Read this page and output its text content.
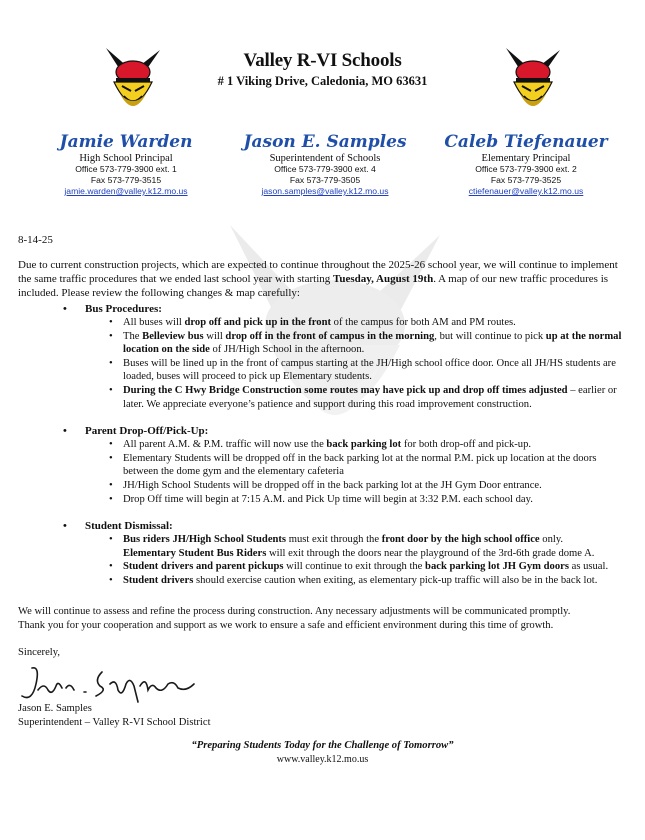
Valley R-VI Schools
# 1 Viking Drive, Caledonia, MO 63631
Jamie Warden
High School Principal
Office 573-779-3900 ext. 1
Fax 573-779-3515
jamie.warden@valley.k12.mo.us
Jason E. Samples
Superintendent of Schools
Office 573-779-3900 ext. 4
Fax 573-779-3505
jason.samples@valley.k12.mo.us
Caleb Tiefenauer
Elementary Principal
Office 573-779-3900 ext. 2
Fax 573-779-3525
ctiefenauer@valley.k12.mo.us
8-14-25
Due to current construction projects, which are expected to continue throughout the 2025-26 school year, we will continue to implement the same traffic procedures that we ended last school year with starting Tuesday, August 19th. A map of our new traffic procedures is included. Please review the following changes & map carefully:
• Bus Procedures:
• All buses will drop off and pick up in the front of the campus for both AM and PM routes.
• The Belleview bus will drop off in the front of campus in the morning, but will continue to pick up at the normal location on the side of JH/High School in the afternoon.
• Buses will be lined up in the front of campus starting at the JH/High school office door. Once all JH/HS students are loaded, buses will proceed to pick up Elementary students.
• During the C Hwy Bridge Construction some routes may have pick up and drop off times adjusted – earlier or later. We appreciate everyone’s patience and support during this road improvement construction.
• Parent Drop-Off/Pick-Up:
• All parent A.M. & P.M. traffic will now use the back parking lot for both drop-off and pick-up.
• Elementary Students will be dropped off in the back parking lot at the normal P.M. pick up location at the doors between the dome gym and the elementary cafeteria
• JH/High School Students will be dropped off in the back parking lot at the JH Gym Door entrance.
• Drop Off time will begin at 7:15 A.M. and Pick Up time will begin at 3:32 P.M. each school day.
• Student Dismissal:
• Bus riders JH/High School Students must exit through the front door by the high school office only.
Elementary Student Bus Riders will exit through the doors near the playground of the 3rd-6th grade dome A.
• Student drivers and parent pickups will continue to exit through the back parking lot JH Gym doors as usual.
• Student drivers should exercise caution when exiting, as elementary pick-up traffic will also be in the back lot.
We will continue to assess and refine the process during construction. Any necessary adjustments will be communicated promptly.
Thank you for your cooperation and support as we work to ensure a safe and efficient environment during this time of growth.
Sincerely,
Jason E. Samples
Jason E. Samples
Superintendent – Valley R-VI School District
“Preparing Students Today for the Challenge of Tomorrow”
www.valley.k12.mo.us
